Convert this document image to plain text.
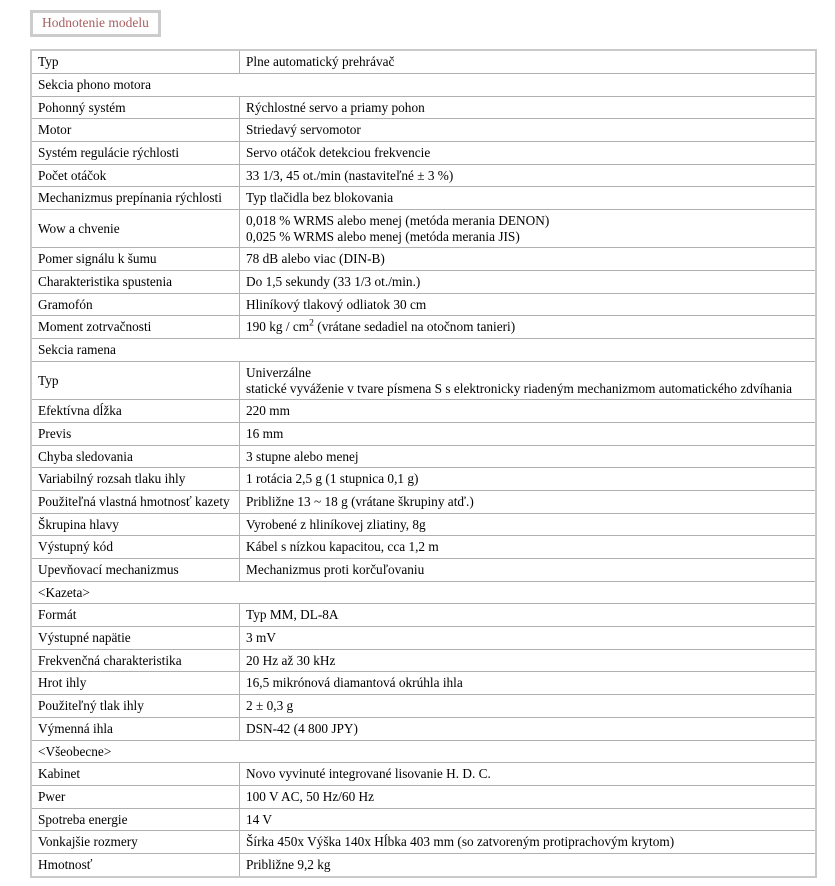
Hodnotenie modelu
Typ	Plne automatický prehrávač
Sekcia phono motora	
Pohonný systém	Rýchlostné servo a priamy pohon
Motor	Striedavý servomotor
Systém regulácie rýchlosti	Servo otáčok detekciou frekvencie
Počet otáčok	33 1/3, 45 ot./min (nastaviteľné ± 3 %)
Mechanizmus prepínania rýchlosti	Typ tlačidla bez blokovania
Wow a chvenie	0,018 % WRMS alebo menej (metóda merania DENON)
0,025 % WRMS alebo menej (metóda merania JIS)
Pomer signálu k šumu	78 dB alebo viac (DIN-B)
Charakteristika spustenia	Do 1,5 sekundy (33 1/3 ot./min.)
Gramofón	Hliníkový tlakový odliatok 30 cm
Moment zotrvačnosti	190 kg / $cm^2$ (vrátane sedadiel na otočnom tanieri)
Sekcia ramena	
Typ	Univerzálne
statické vyváženie v tvare písmena S s elektronicky riadeným mechanizmom automatického zdvíhania
Efektívna dĺžka	220 mm
Previs	16 mm
Chyba sledovania	3 stupne alebo menej
Variabilný rozsah tlaku ihly	1 rotácia 2,5 g (1 stupnica 0,1 g)
Použiteľná vlastná hmotnosť kazety	Približne 13 ~ 18 g (vrátane škrupiny atď.)
Škrupina hlavy	Vyrobené z hliníkovej zliatiny, 8g
Výstupný kód	Kábel s nízkou kapacitou, cca 1,2 m
Upevňovací mechanizmus	Mechanizmus proti korčuľovaniu
<Kazeta>	
Formát	Typ MM, DL-8A
Výstupné napätie	3 mV
Frekvenčná charakteristika	20 Hz až 30 kHz
Hrot ihly	16,5 mikrónová diamantová okrúhla ihla
Použiteľný tlak ihly	2 ± 0,3 g
Výmenná ihla	DSN-42 (4 800 JPY)
<Všeobecne>	
Kabinet	Novo vyvinuté integrované lisovanie H. D. C.
Pwer	100 V AC, 50 Hz/60 Hz
Spotreba energie	14 V
Vonkajšie rozmery	Šírka 450x Výška 140x Hĺbka 403 mm (so zatvoreným protiprachovým krytom)
Hmotnosť	Približne 9,2 kg
